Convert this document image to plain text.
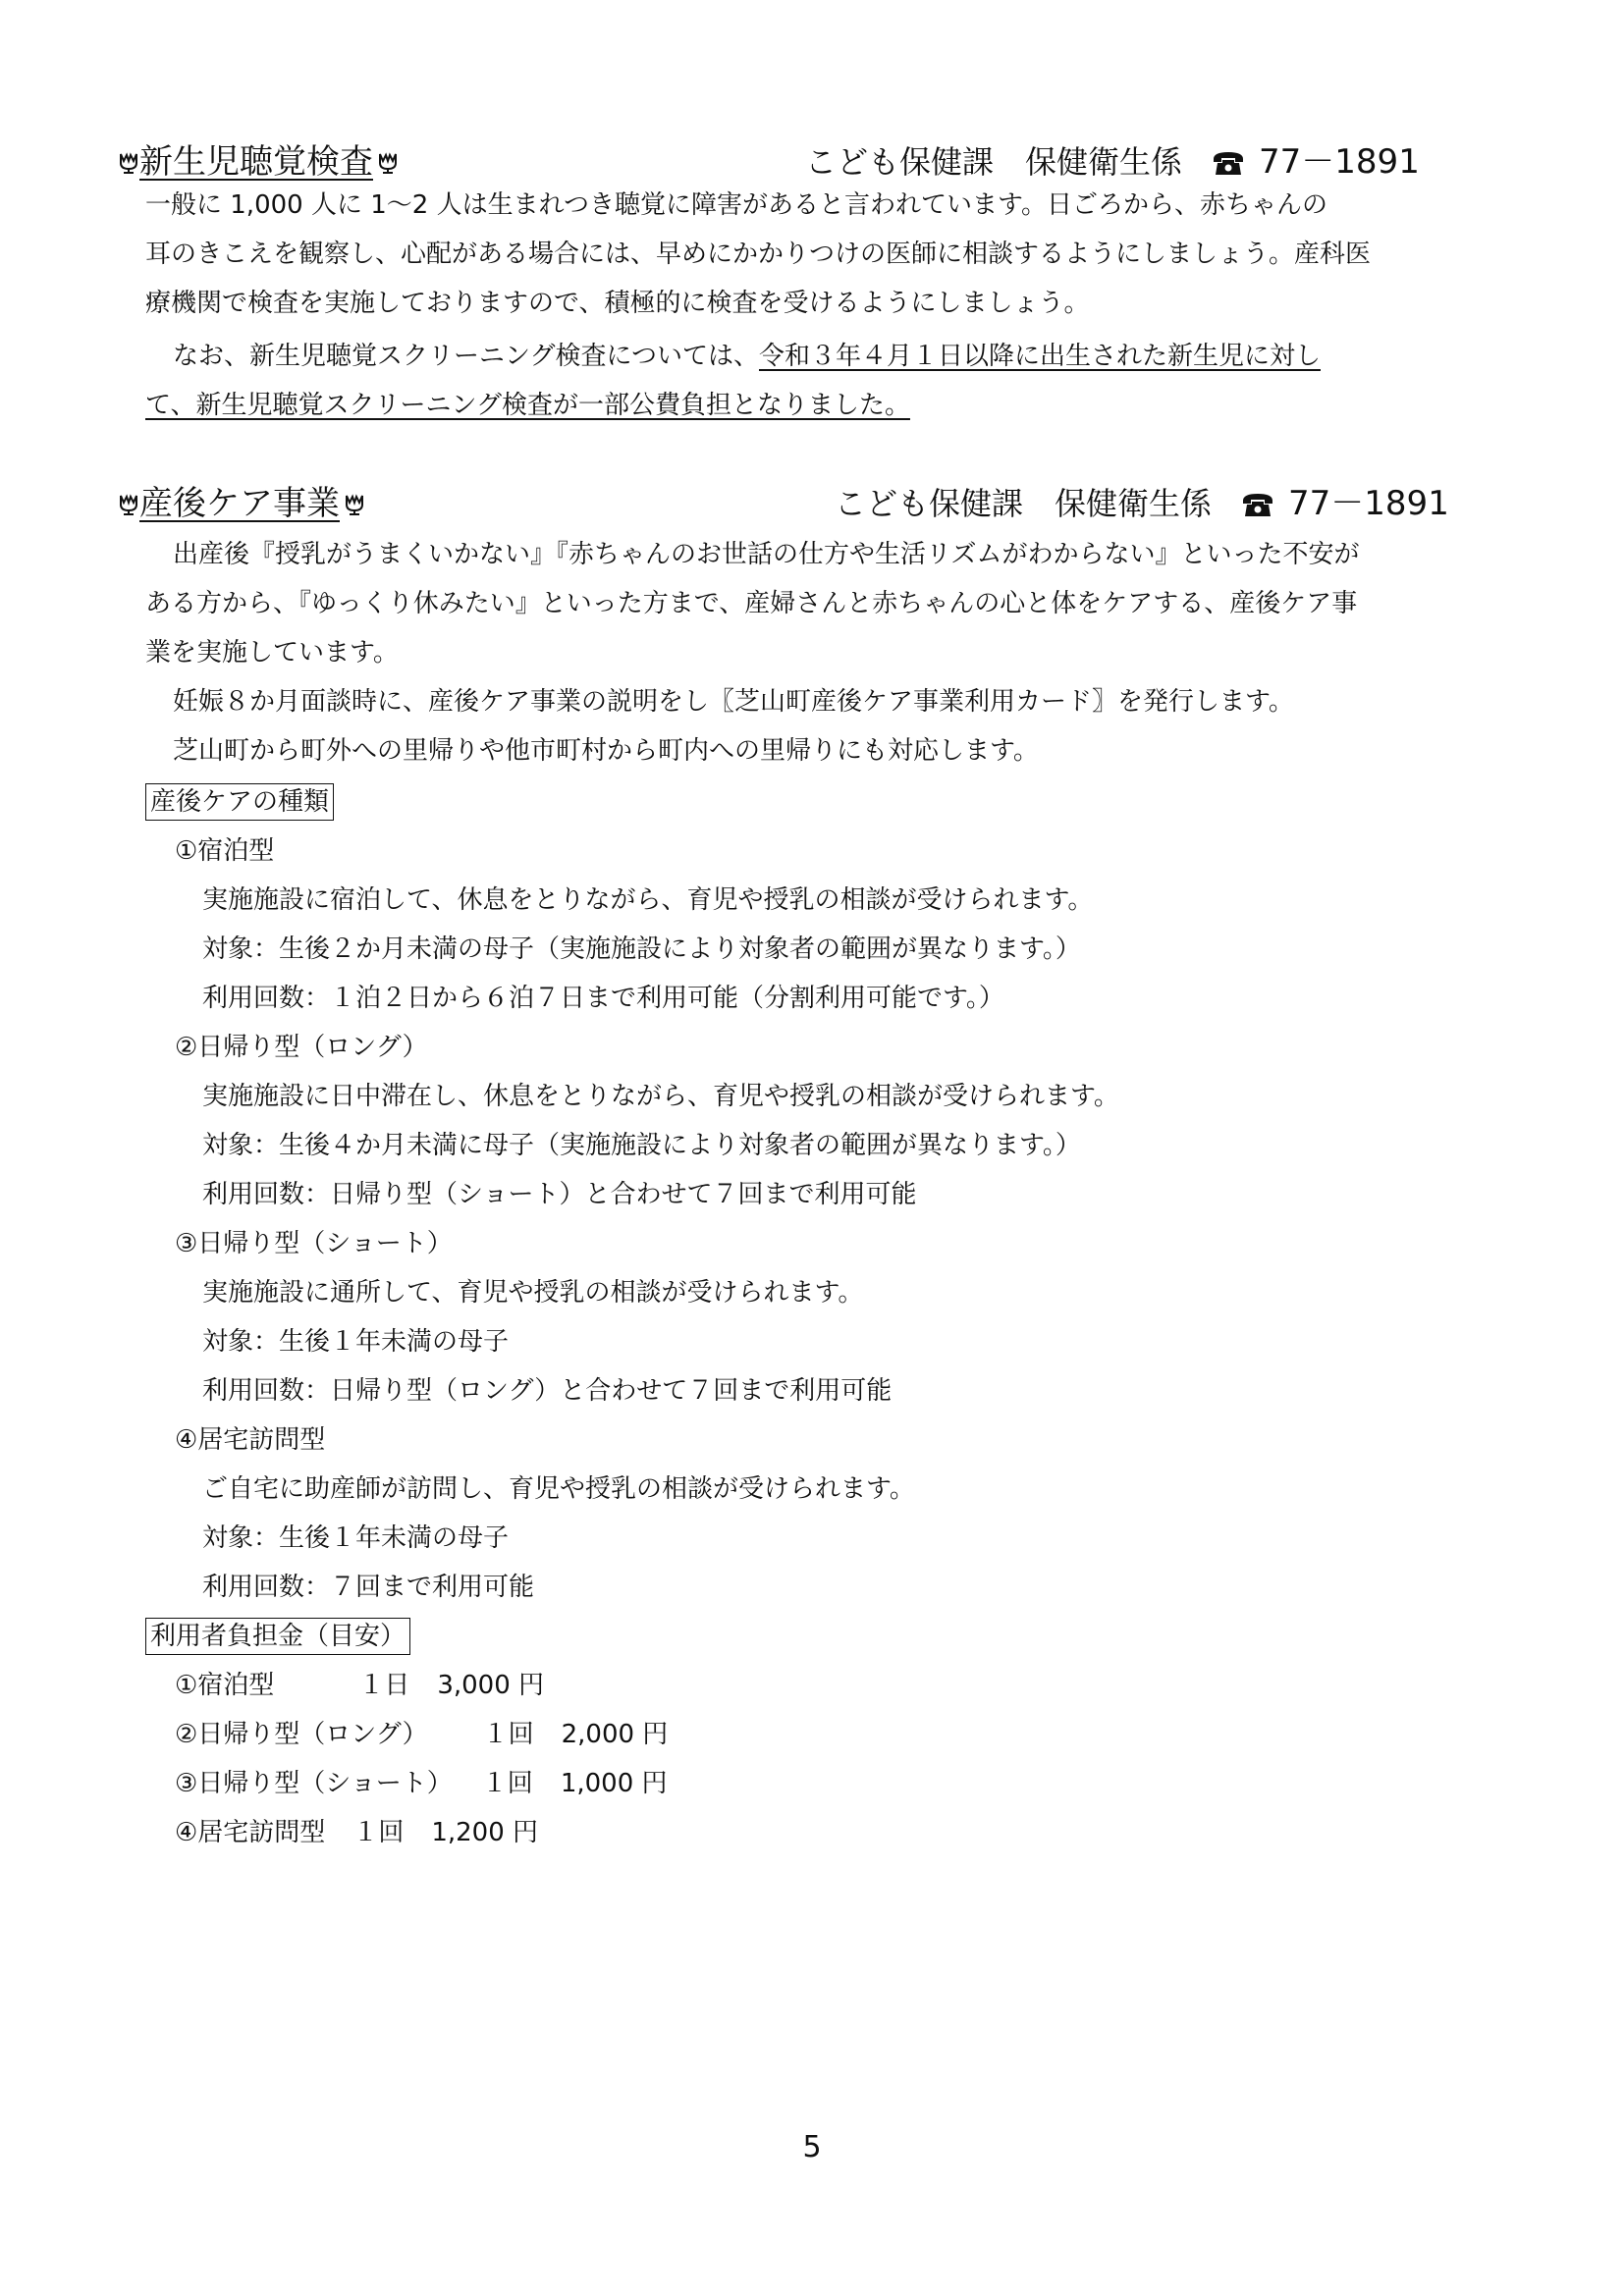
新生児聴覚検査	こども保健課 保健衛生係 77－1891
一般に 1,000 人に 1～2 人は生まれつき聴覚に障害があると言われています。日ごろから、赤ちゃんの
耳のきこえを観察し、心配がある場合には、早めにかかりつけの医師に相談するようにしましょう。産科医
療機関で検査を実施しておりますので、積極的に検査を受けるようにしましょう。
なお、新生児聴覚スクリーニング検査については、令和３年４月１日以降に出生された新生児に対し
て、新生児聴覚スクリーニング検査が一部公費負担となりました。
産後ケア事業	こども保健課 保健衛生係 77－1891
出産後『授乳がうまくいかない』『赤ちゃんのお世話の仕方や生活リズムがわからない』といった不安が
ある方から、『ゆっくり休みたい』といった方まで、産婦さんと赤ちゃんの心と体をケアする、産後ケア事
業を実施しています。
妊娠８か月面談時に、産後ケア事業の説明をし〖芝山町産後ケア事業利用カード〗を発行します。
芝山町から町外への里帰りや他市町村から町内への里帰りにも対応します。
産後ケアの種類
①宿泊型
実施施設に宿泊して、休息をとりながら、育児や授乳の相談が受けられます。
対象：生後２か月未満の母子（実施施設により対象者の範囲が異なります。）
利用回数：１泊２日から６泊７日まで利用可能（分割利用可能です。）
②日帰り型（ロング）
実施施設に日中滞在し、休息をとりながら、育児や授乳の相談が受けられます。
対象：生後４か月未満に母子（実施施設により対象者の範囲が異なります。）
利用回数：日帰り型（ショート）と合わせて７回まで利用可能
③日帰り型（ショート）
実施施設に通所して、育児や授乳の相談が受けられます。
対象：生後１年未満の母子
利用回数：日帰り型（ロング）と合わせて７回まで利用可能
④居宅訪問型
ご自宅に助産師が訪問し、育児や授乳の相談が受けられます。
対象：生後１年未満の母子
利用回数：７回まで利用可能
利用者負担金（目安）
①宿泊型	１日 3,000 円
②日帰り型（ロング） １回 2,000 円
③日帰り型（ショート） １回 1,000 円
④居宅訪問型 １回 1,200 円
5
